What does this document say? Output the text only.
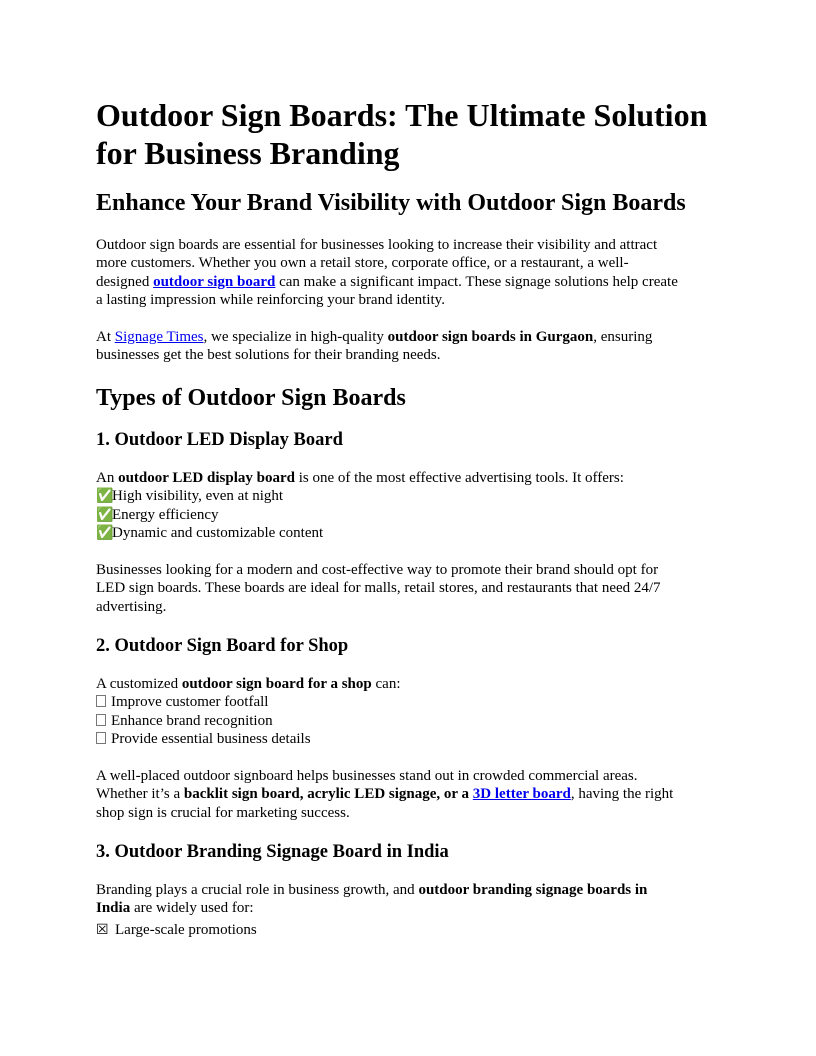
Outdoor Sign Boards: The Ultimate Solution
for Business Branding
Enhance Your Brand Visibility with Outdoor Sign Boards

Outdoor sign boards are essential for businesses looking to increase their visibility and attract
more customers. Whether you own a retail store, corporate office, or a restaurant, a well-
designed outdoor sign board can make a significant impact. These signage solutions help create
a lasting impression while reinforcing your brand identity.

At Signage Times, we specialize in high-quality outdoor sign boards in Gurgaon, ensuring
businesses get the best solutions for their branding needs.

Types of Outdoor Sign Boards
1. Outdoor LED Display Board

An outdoor LED display board is one of the most effective advertising tools. It offers:
✅High visibility, even at night
✅Energy efficiency
✅Dynamic and customizable content

Businesses looking for a modern and cost-effective way to promote their brand should opt for
LED sign boards. These boards are ideal for malls, retail stores, and restaurants that need 24/7
advertising.

2. Outdoor Sign Board for Shop

A customized outdoor sign board for a shop can:
Improve customer footfall
Enhance brand recognition
Provide essential business details

A well-placed outdoor signboard helps businesses stand out in crowded commercial areas.
Whether it’s a backlit sign board, acrylic LED signage, or a 3D letter board, having the right
shop sign is crucial for marketing success.

3. Outdoor Branding Signage Board in India

Branding plays a crucial role in business growth, and outdoor branding signage boards in
India are widely used for:
☒ Large-scale promotions
